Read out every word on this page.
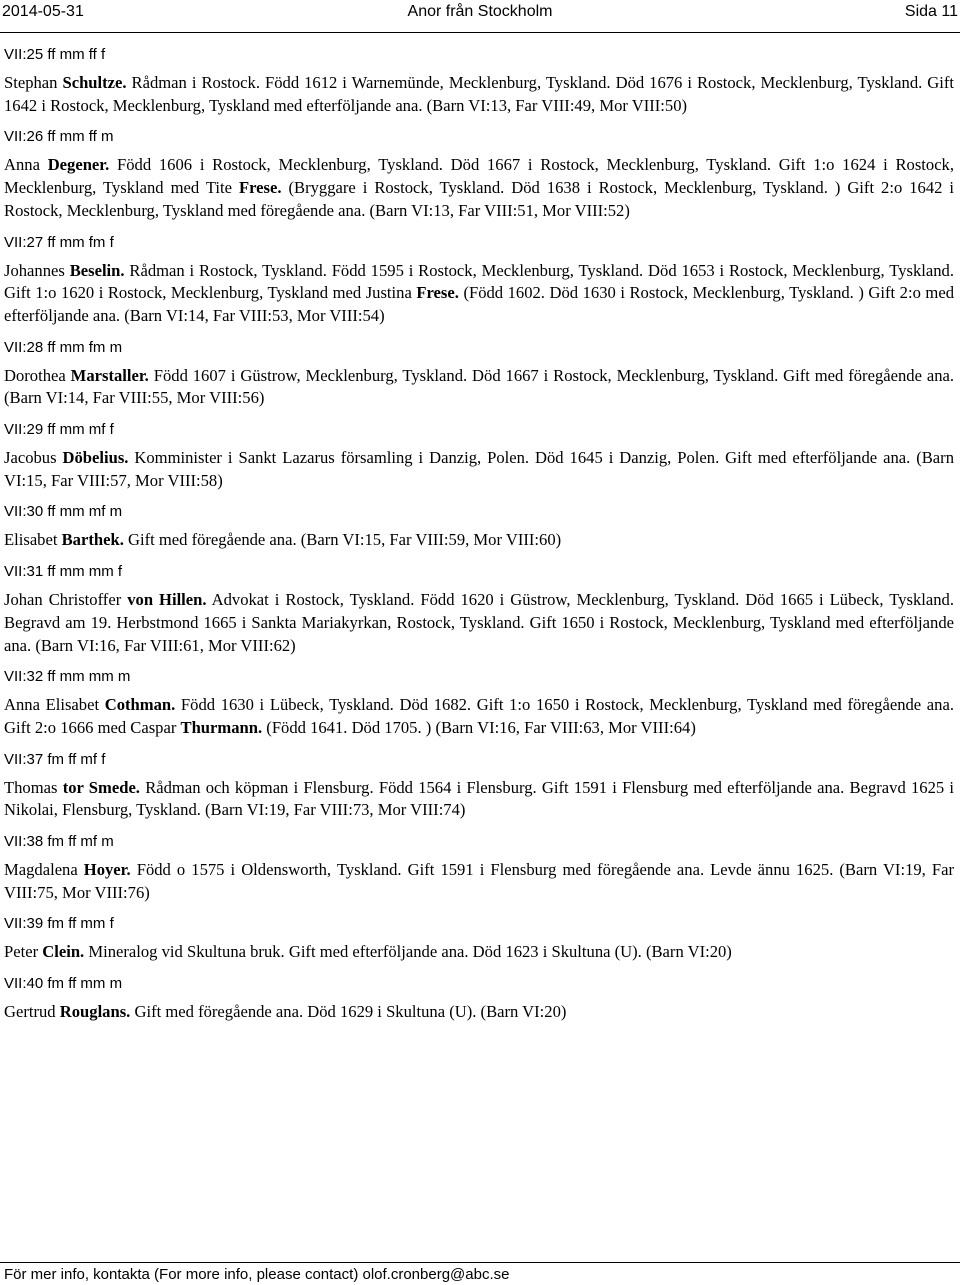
2014-05-31	Anor från Stockholm	Sida 11
VII:25 ff mm ff f
Stephan Schultze. Rådman i Rostock. Född 1612 i Warnemünde, Mecklenburg, Tyskland. Död 1676 i Rostock, Mecklenburg, Tyskland. Gift 1642 i Rostock, Mecklenburg, Tyskland med efterföljande ana. (Barn VI:13, Far VIII:49, Mor VIII:50)
VII:26 ff mm ff m
Anna Degener. Född 1606 i Rostock, Mecklenburg, Tyskland. Död 1667 i Rostock, Mecklenburg, Tyskland. Gift 1:o 1624 i Rostock, Mecklenburg, Tyskland med Tite Frese. (Bryggare i Rostock, Tyskland. Död 1638 i Rostock, Mecklenburg, Tyskland. ) Gift 2:o 1642 i Rostock, Mecklenburg, Tyskland med föregående ana. (Barn VI:13, Far VIII:51, Mor VIII:52)
VII:27 ff mm fm f
Johannes Beselin. Rådman i Rostock, Tyskland. Född 1595 i Rostock, Mecklenburg, Tyskland. Död 1653 i Rostock, Mecklenburg, Tyskland. Gift 1:o 1620 i Rostock, Mecklenburg, Tyskland med Justina Frese. (Född 1602. Död 1630 i Rostock, Mecklenburg, Tyskland. ) Gift 2:o med efterföljande ana. (Barn VI:14, Far VIII:53, Mor VIII:54)
VII:28 ff mm fm m
Dorothea Marstaller. Född 1607 i Güstrow, Mecklenburg, Tyskland. Död 1667 i Rostock, Mecklenburg, Tyskland. Gift med föregående ana. (Barn VI:14, Far VIII:55, Mor VIII:56)
VII:29 ff mm mf f
Jacobus Döbelius. Komminister i Sankt Lazarus församling i Danzig, Polen. Död 1645 i Danzig, Polen. Gift med efterföljande ana. (Barn VI:15, Far VIII:57, Mor VIII:58)
VII:30 ff mm mf m
Elisabet Barthek. Gift med föregående ana. (Barn VI:15, Far VIII:59, Mor VIII:60)
VII:31 ff mm mm f
Johan Christoffer von Hillen. Advokat i Rostock, Tyskland. Född 1620 i Güstrow, Mecklenburg, Tyskland. Död 1665 i Lübeck, Tyskland. Begravd am 19. Herbstmond 1665 i Sankta Mariakyrkan, Rostock, Tyskland. Gift 1650 i Rostock, Mecklenburg, Tyskland med efterföljande ana. (Barn VI:16, Far VIII:61, Mor VIII:62)
VII:32 ff mm mm m
Anna Elisabet Cothman. Född 1630 i Lübeck, Tyskland. Död 1682. Gift 1:o 1650 i Rostock, Mecklenburg, Tyskland med föregående ana. Gift 2:o 1666 med Caspar Thurmann. (Född 1641. Död 1705. ) (Barn VI:16, Far VIII:63, Mor VIII:64)
VII:37 fm ff mf f
Thomas tor Smede. Rådman och köpman i Flensburg. Född 1564 i Flensburg. Gift 1591 i Flensburg med efterföljande ana. Begravd 1625 i Nikolai, Flensburg, Tyskland. (Barn VI:19, Far VIII:73, Mor VIII:74)
VII:38 fm ff mf m
Magdalena Hoyer. Född o 1575 i Oldensworth, Tyskland. Gift 1591 i Flensburg med föregående ana. Levde ännu 1625. (Barn VI:19, Far VIII:75, Mor VIII:76)
VII:39 fm ff mm f
Peter Clein. Mineralog vid Skultuna bruk. Gift med efterföljande ana. Död 1623 i Skultuna (U). (Barn VI:20)
VII:40 fm ff mm m
Gertrud Rouglans. Gift med föregående ana. Död 1629 i Skultuna (U). (Barn VI:20)
För mer info, kontakta (For more info, please contact) olof.cronberg@abc.se
